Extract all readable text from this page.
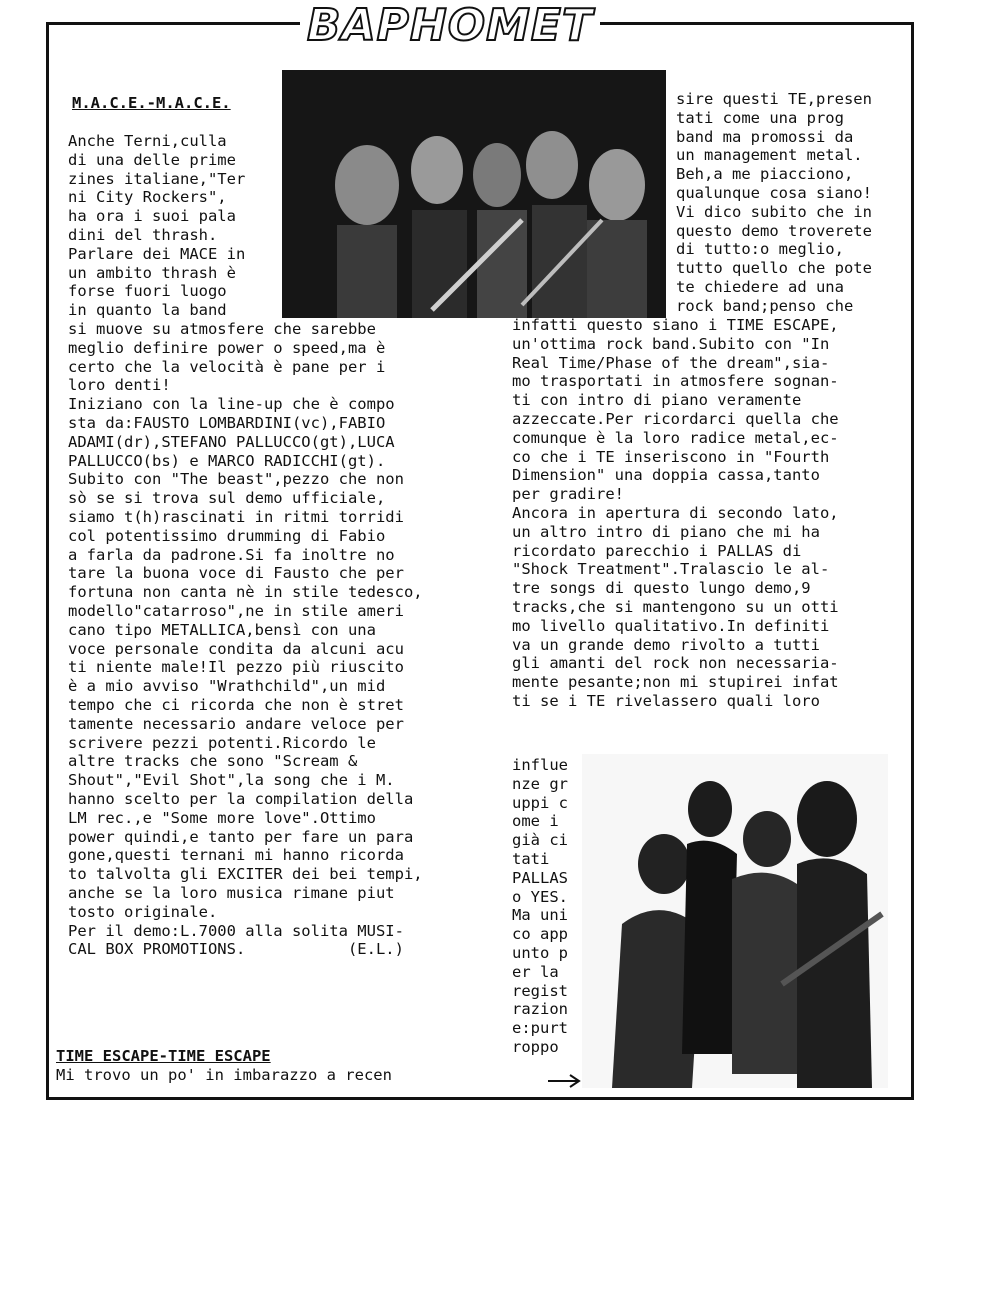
BAPHOMET
M.A.C.E.-M.A.C.E.
Anche Terni,culla
di una delle prime
zines italiane,"Ter
ni City Rockers",
ha ora i suoi pala
dini del thrash.
Parlare dei MACE in
un ambito thrash è
forse fuori luogo
in quanto la band
si muove su atmosfere che sarebbe
meglio definire power o speed,ma è
certo che la velocità è pane per i
loro denti!
Iniziano con la line-up che è compo
sta da:FAUSTO LOMBARDINI(vc),FABIO
ADAMI(dr),STEFANO PALLUCCO(gt),LUCA
PALLUCCO(bs) e MARCO RADICCHI(gt).
Subito con "The beast",pezzo che non
sò se si trova sul demo ufficiale,
siamo t(h)rascinati in ritmi torridi
col potentissimo drumming di Fabio
a farla da padrone.Si fa inoltre no
tare la buona voce di Fausto che per
fortuna non canta nè in stile tedesco,
modello"catarroso",ne in stile ameri
cano tipo METALLICA,bensì con una
voce personale condita da alcuni acu
ti niente male!Il pezzo più riuscito
è a mio avviso "Wrathchild",un mid
tempo che ci ricorda che non è stret
tamente necessario andare veloce per
scrivere pezzi potenti.Ricordo le
altre tracks che sono "Scream &
Shout","Evil Shot",la song che i M.
hanno scelto per la compilation della
LM rec.,e "Some more love".Ottimo
power quindi,e tanto per fare un para
gone,questi ternani mi hanno ricorda
to talvolta gli EXCITER dei bei tempi,
anche se la loro musica rimane piut
tosto originale.
Per il demo:L.7000 alla solita MUSI-
CAL BOX PROMOTIONS.           (E.L.)
TIME ESCAPE-TIME ESCAPE
Mi trovo un po' in imbarazzo a recen
sire questi TE,presen
tati come una prog
band ma promossi da
un management metal.
Beh,a me piacciono,
qualunque cosa siano!
Vi dico subito che in
questo demo troverete
di tutto:o meglio,
tutto quello che pote
te chiedere ad una
rock band;penso che
infatti questo siano i TIME ESCAPE,
un'ottima rock band.Subito con "In
Real Time/Phase of the dream",sia-
mo trasportati in atmosfere sognan-
ti con intro di piano veramente
azzeccate.Per ricordarci quella che
comunque è la loro radice metal,ec-
co che i TE inseriscono in "Fourth
Dimension" una doppia cassa,tanto
per gradire!
Ancora in apertura di secondo lato,
un altro intro di piano che mi ha
ricordato parecchio i PALLAS di
"Shock Treatment".Tralascio le al-
tre songs di questo lungo demo,9
tracks,che si mantengono su un otti
mo livello qualitativo.In definiti
va un grande demo rivolto a tutti
gli amanti del rock non necessaria-
mente pesante;non mi stupirei infat
ti se i TE rivelassero quali loro
influe
nze gr
uppi c
ome i
già ci
tati
PALLAS
o YES.
Ma uni
co app
unto p
er la
regist
razion
e:purt
roppo
